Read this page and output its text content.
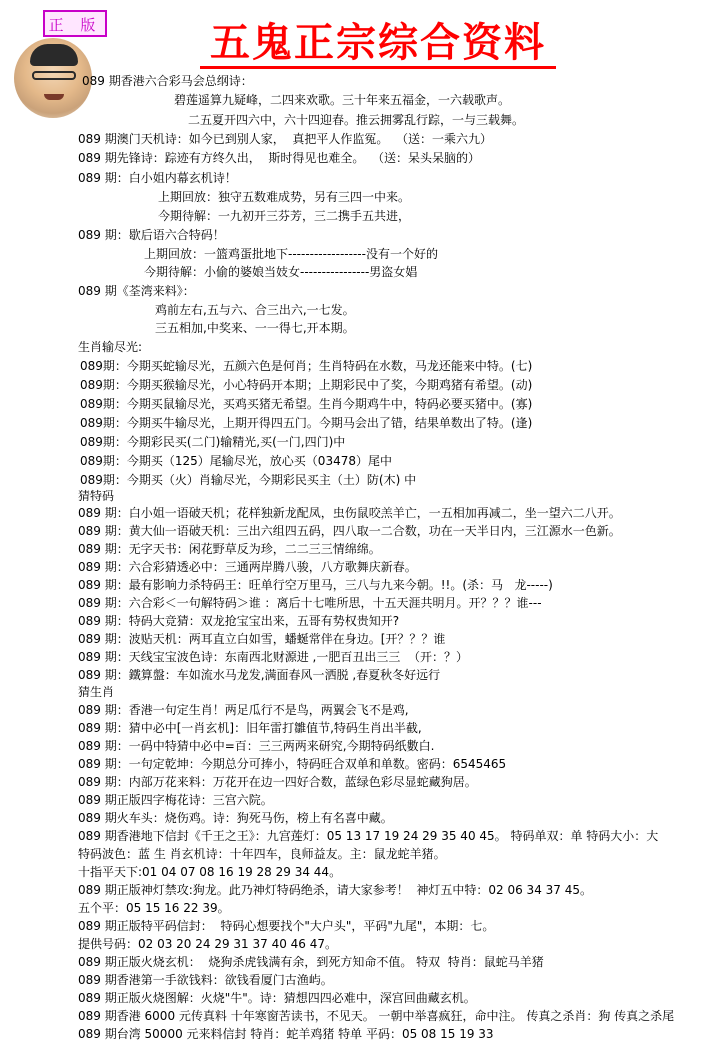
正 版	五鬼正宗综合资料
089 期香港六合彩马会总纲诗：
碧莲遥算九疑峰，二四来欢歌。三十年来五福金，一六载歌声。
二五夏开四六中，六十四迎春。推云拥雾乱行踪，一与三载舞。
089 期澳门天机诗：如今已到别人家，  真把平人作监冤。  （送：一乘六九）
089 期先锋诗：踪迹有方终久出，  斯时得见也难全。  （送：呆头呆脑的）
089 期：白小姐内幕玄机诗！
上期回放：独守五数难成势，另有三四一中来。
今期待解：一九初开三芬芳，三二携手五共进，
089 期：歇后语六合特码！
上期回放：一篮鸡蛋批地下------------------没有一个好的
今期待解：小偷的婆娘当妓女----------------男盗女娼
089 期《荃湾来料》：
鸡前左右,五与六、合三出六,一七发。
三五相加,中奖来、一一得七,开本期。
生肖输尽光:
089期：今期买蛇输尽光，五颜六色是何肖；生肖特码在水数，马龙还能来中特。(七)
089期：今期买猴输尽光，小心特码开本期；上期彩民中了奖，今期鸡猪有希望。(动)
089期：今期买鼠输尽光，买鸡买猪无希望。生肖今期鸡牛中，特码必要买猪中。(寡)
089期：今期买牛输尽光，上期开得四五门。今期马会出了错，结果单数出了特。(逢)
089期：今期彩民买(二门)输精光,买(一门,四门)中
089期：今期买（125）尾输尽光，放心买（03478）尾中
089期：今期买（火）肖输尽光，今期彩民买主（土）防(木) 中
猜特码
089 期：白小姐一语破天机；花样独新龙配凤，虫伤鼠咬羔羊亡，一五相加再减二，坐一望六二八开。
089 期：黄大仙一语破天机：三出六组四五码，四八取一二合数，功在一天半日内，三江源水一色新。
089 期：无字天书：闲花野草反为珍，二二三三情绵绵。
089 期：六合彩猜透必中：三通两岸腾八骏，八方歌舞庆新春。
089 期：最有影响力杀特码王：旺单行空万里马，三八与九来今朝。!!。(杀：马   龙-----)
089 期：六合彩＜一句解特码＞谁 ：离后十七唯所思，十五天涯共明月。开？？？谁---
089 期：特码大竞猜：双龙抢宝宝出来，五哥有势权贵知开?
089 期：波贴天机：两耳直立白如雪，蟠蜒常伴在身边。[开？？？谁
089 期：天线宝宝波色诗：东南西北财源进 ,一肥百丑出三三  （开：？）
089 期：鐵算盤：车如流水马龙发,满面春风一洒脱 ,春夏秋冬好远行
猜生肖
089 期：香港一句定生肖！两足瓜行不是鸟，两翼会飞不是鸡,
089 期：猜中必中[一肖玄机]：旧年雷打雛值节,特码生肖出半截,
089 期：一码中特猜中必中=百：三三两两来研究,今期特码纸數白.
089 期：一句定乾坤：今期总分可捧小，特码旺合双单和单数。密码：6545465
089 期：内部万花来料：万花开在边一四好合数，蓝绿色彩尽显蛇藏狗居。
089 期正版四字梅花诗：三宫六院。
089 期火车头：烧伤鸡。诗：狗死马伤，榜上有名喜中藏。
089 期香港地下信封《千王之王》：九宫莲灯：05 13 17 19 24 29 35 40 45。 特码单双：单 特码大小：大
特码波色：蓝 生 肖玄机诗：十年四车，良师益友。主：鼠龙蛇羊猪。
十指平天下:01 04 07 08 16 19 28 29 34 44。
089 期正版神灯禁攻:狗龙。此乃神灯特码绝杀，请大家参考！  神灯五中特：02 06 34 37 45。
五个平：05 15 16 22 39。
089 期正版特平码信封：  特码心想要找个"大户头"，平码"九尾"，本期：七。
提供号码：02 03 20 24 29 31 37 40 46 47。
089 期正版火烧玄机：  烧狗杀虎钱满有余，到死方知命不值。 特双  特肖：鼠蛇马羊猪
089 期香港第一手欲钱料：欲钱看厦门古渔屿。
089 期正版火烧图解：火烧"牛"。诗：猜想四四必难中，深宫回曲藏玄机。
089 期香港 6000 元传真料 十年寒窗苦读书，不见天。 一朝中举喜疯狂，命中注。 传真之杀肖：狗 传真之杀尾
089 期台湾 50000 元来料信封 特肖：蛇羊鸡猪 特单 平码：05 08 15 19 33
